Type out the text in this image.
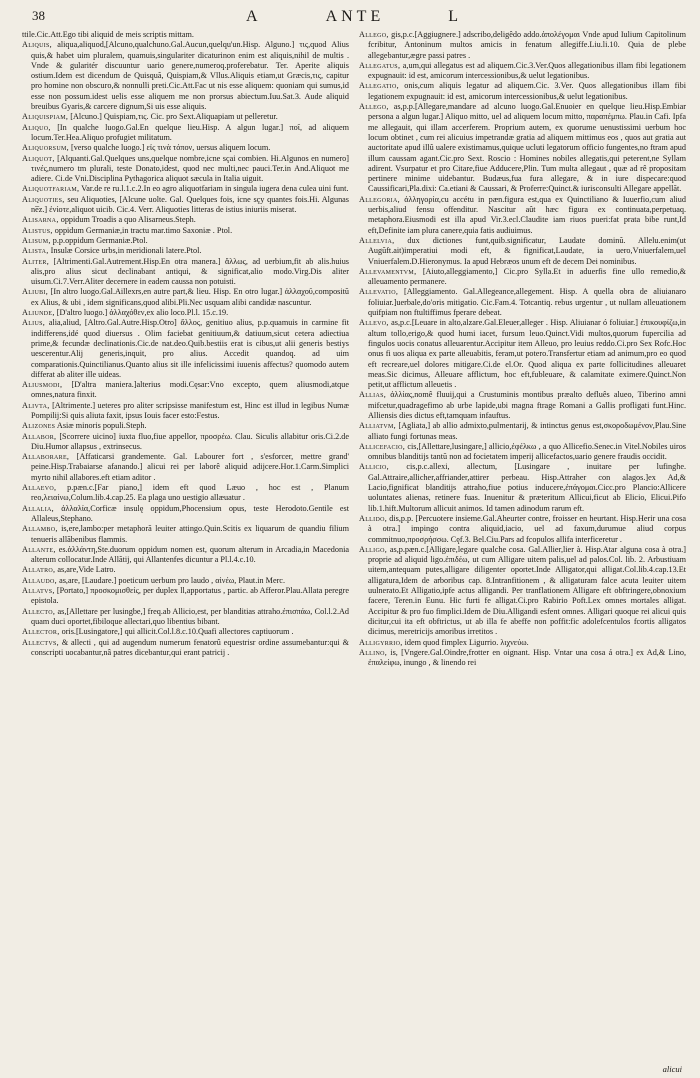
38	A	ANTE	L

ttile.Cic.Att.Ego tibi aliquid de meis scriptis mittam.

Aliquis, aliqua,aliquod,[Alcuno,qualchuno.Gal.Aucun,quelqu'un.Hisp. Alguno.] τις,quod Alius quis,& habet uim pluralem, quamuis,singulariter dicaturinon enim est aliquis,nihil de multis . Vnde & gularitér discuuntur uario genere,numeroq.proferebatur. Ter. Aperite aliquis ostium.Idem est dicendum de Quisquã, Quispiam,& Vllus.Aliquis etiam,ut Græcis,τις, capitur pro homine non obscuro,& nonnulli preti.Cic.Att.Fac ut nis esse aliquem: quoniam qui sumus,id esse non possum.idest uelis esse aliquem me non prorsus abiectum.Iuu.Sat.3. Aude aliquid breuibus Gyaris,& carcere dignum,Si uis esse aliquis.

Aliquispiam, [Alcuno.] Quispiam,τις. Cic. pro Sext.Aliquapiam ut pelleretur.

Aliquo, [In qualche luogo.Gal.En quelque lieu.Hisp. A algun lugar.] ποῖ, ad aliquem locum.Ter.Hea.Aliquo profugiet militatum.

Aliquorsum, [verso qualche luogo.] εἰς τινὰ τόπον, uersus aliquem locum.

Aliquot, [Alquanti.Gal.Quelques uns,quelque nombre,icne sçai combien. Hi.Algunos en numero] τινές,numero tm plurali, teste Donato,idest, quod nec multi,nec pauci.Ter.in And.Aliquot me adiere. Ci.de Vni.Disciplina Pythagorica aliquot sæcula in Italia uiguit.

Aliquotfariam, Var.de re ru.l.1.c.2.In eo agro aliquotfariam in singula iugera dena culea uini funt.

Aliquoties, seu Aliquoties, [Alcune uolte. Gal. Quelques fois, icne sçy quantes fois.Hi. Algunas ne̅z.] ἐνίοτε,aliquot uicib. Cic.4. Verr. Aliquoties litteras de istius iniuriis miserat.

Alisarna, oppidum Troadis a quo Alisarneus.Steph.

Alistus, oppidum Germaniæ,in tractu mar.timo Saxoniæ . Ptol.

Alisum, p.p.oppidum Germaniæ.Ptol.

Alista, Insulæ Corsice urbs,in meridionali latere.Ptol.

Aliter, [Altrimenti.Gal.Autrement.Hisp.En otra manera.] ἄλλως, ad uerbium,fit ab alis.huius alis,pro alius sicut declinabant antiqui, & significat,alio modo.Virg.Dis aliter uisum.Ci.7.Verr.Aliter decernere in eadem caussa non potuisti.

Aliubi, [In altro luogo.Gal.Aillexrs,en autre part,& lieu. Hisp. En otro lugar.] ἀλλαχοῦ,compositũ ex Alius, & ubi , idem significans,quod alibi.Pli.Nec usquam alibi candidæ nascuntur.

Aliunde, [D'altro luogo.] ἀλλαχόθεν,ex alio loco.Pl.l. 15.c.19.

Alius, alia,aliud, [Altro.Gal.Autre.Hisp.Otro] ἄλλος, genitiuo alius, p.p.quamuis in carmine fit indifferens,idé quod diuersus . Olim faciebat genitiuum,& datiuum,sicut cetera adiectiua prime,& fecundæ declinationis.Cic.de nat.deo.Quib.bestiis erat is cibus,ut alii generis bestiys uescerentur.Alij generis,inquit, pro alius. Accedit quandoq. ad uim comparationis.Quinctilianus.Quanto alius sit ille infelicissimi iuuenis affectus? quomodo autem differat ab aliter ille uideas.

Aliusmodi, [D'altra maniera.]alterius modi.Cęsar:Vno excepto, quem aliusmodi,atque omnes,natura finxit.

Alivta, [Altrimente.] ueteres pro aliter scripsisse manifestum est, Hinc est illud in legibus Numæ Pompilij:Si quis aliuta faxit, ipsus Iouis facer esto:Festus.

Alizones Asiæ minoris populi.Steph.

Allabor, [Scorrere uicino] iuxta fluo,fiue appellor, προσρέω. Clau. Siculis allabitur oris.Ci.2.de Diu.Humor allapsus , extrinsecus.

Allaborare, [Affaticarsi grandemente. Gal. Labourer fort , s'esforcer, mettre grand' peine.Hisp.Trabaiarse afanando.] alicui rei per laborê aliquid adijcere.Hor.1.Carm.Simplici myrto nihil allabores.eft etiam aditor .

Allaevo, p.pæn.c.[Far piano,] idem eft quod Læuo , hoc est , Planum reo,λειαίνω,Colum.lib.4.cap.25. Ea plaga uno uestigio allæuatur .

Allalia, ἀλλαλία,Corficæ insulę oppidum,Phocensium opus, teste Herodoto.Gentile est Allaleus,Stephano.

Allambo, is,ere,lambo:per metaphorã leuiter attingo.Quin.Scitis ex liquarum de quandiu filium tenueris allãbenibus flammis.

Allante, es.ἀλλάντη,Ste.duorum oppidum nomen est, quorum alterum in Arcadia,in Macedonia alterum collocatur.Inde Allãtij, qui Allantenfes dicuntur a Pl.l.4.c.10.

Allatro, as,are,Vide Latro.

Allaudo, as,are, [Laudare.] poeticum uerbum pro laudo , αἰνέω, Plaut.in Merc.

Allatvs, [Portato,] προσκομισθείς, per duplex ll,apportatus , partic. ab Afferor.Plau.Allata peregre epistola.

Allecto, as,[Allettare per lusingbe,] freq.ab Allicio,est, per blanditias attraho.ἐπισπάω, Col.l.2.Ad quam duci oportet,fibiloque allectari,quo libentius bibant.

Allector, oris.[Lusingatore,] qui allicit.Col.l.8.c.10.Quafi allectores captiuorum .

Allectvs, & allecti , qui ad augendum numerum fenatorû equestrisr ordine assumebantur:qui & conscripti uocabantur,nâ patres dicebantur,qui erant patricij .

Allego, gis,p.c.[Aggiugnere.] adscribo,deligêdo addo.ἀπολέγομαι Vnde apud Iulium Capitolinum fcribitur, Antoninum multos amicis in fenatum allegiffe.Liu.li.10. Quia de plebe allegebantur,ægre passi patres .

Allegatus, a,um,qui allegatus est ad aliquem.Cic.3.Ver.Quos allegationibus illam fibi legationem expugnauit: id est, amicorum intercessionibus,& uelut legationibus.

Allegatio, onis,cum aliquis legatur ad aliquem.Cic. 3.Ver. Quos allegationibus illam fibi legationem expugnauit: id est, amicorum intercessionibus,& uelut legationibus.

Allego, as,p.p.[Allegare,mandare ad alcuno luogo.Gal.Enuoier en quelque lieu.Hisp.Embiar persona a algun lugar.] Aliquo mitto, uel ad aliquem locum mitto, παραπέμπω. Plau.in Cafi. Ipfa me allegauit, qui illam accerferem. Proprium autem, ex quorume uenustissimi uerbum hoc locum obtinet , cum rei alicuius impetrandæ gratia ad aliquem mittimus eos , quos aut gratia aut auctoritate apud illû ualere existimamus,quique ucluti legatorum officio fungentes,no ftram apud illum caussam agant.Cic.pro Sext. Roscio : Homines nobiles allegatis,qui peterent,ne Syllam adirent. Vsurpatur et pro Citare,fiue Adducere,Plin. Tum multa allegaut , quæ ad rê propositam pertinere minime uidebantur. Budæus,fua fura allegare, & in iure dispecare:quod Caussificari,Pla.dixi: Ca.etiani & Caussari, & Proferre:Quinct.& iurisconsulti Allegare appellăt.

Allegoria, ἀλληγορία,cu accétu in pæn.figura est,qua ex Quinctiliano & Iuuerfio,cum aliud uerbis,aliud fensu offenditur. Nascitur aût hæc figura ex continuata,perpetuaq. metaphora.Eiusmodi est illa apud Vir.3.ecl.Claudite iam riuos pueri:fat prata bibe runt,Id eft,Definite iam plura canere,quia fatis audiuimus.

Allelvia, dux dictiones funt,quib.significatur, Laudate dominũ. Allelu.enim(ut Augũft.ait)imperatiui modi eft, & fignificat,Laudate, ia uero,Vniuerfalem,uel Vniuerfalem.D.Hieronymus. Ia apud Hebræos unum eft de decem Dei nominibus.

Allevamentvm, [Aiuto,alleggiamento,] Cic.pro Sylla.Et in aduerfis fine ullo remedio,& alleuamento permanere.

Allevatio, [Alleggiamento. Gal.Allegeance,allegement. Hisp. A quella obra de aliuianaro foliuiar.]uerbale,do'oris mitigatio. Cic.Fam.4. Totcantiq. rebus urgentur , ut nullam alleuationem quifpiam non ftultiffimus fperare debeat.

Allevo, as,p.c.[Leuare in alto,alzare.Gal.Eleuer,alleger . Hisp. Aliuianar ó foliuiar.] ἐπικουφίζω,in altum tollo,erigo,& quod humi iacet, fursum leuo.Quinct.Vidi multos,quorum fupercilia ad fingulos uocis conatus alleuarentur.Accipitur item Alleuo, pro leuius reddo.Ci.pro Sex Rofc.Hoc onus fi uos aliqua ex parte alleuabitis, feram,ut potero.Transfertur etiam ad animum,pro eo quod eft recreare,uel dolores mitigare.Ci.de el.Or. Quod aliqua ex parte follicitudines alleuaret meas.Sic dicimus, Alleuare afflictum, hoc eft,fubleuare, & calamitate eximere.Quinct.Non petit,ut afflictum alleuetis .

Allias, ἀλλίας,nomê fluuij,qui a Crustuminis montibus præalto defluês alueo, Tiberino amni mifcetur,quadragefimo ab urbe lapide,ubi magna ftrage Romani a Gallis profligati funt.Hinc. Alliensis dies dictus eft,tamquam infauftus.

Alliatvm, [Agliata,] ab allio admixto,pulmentarij, & intinctus genus est,σκοροδωμένον,Plau.Sine alliato fungi fortunas meas.

Allicefacio, cis,[Allettare,lusingare,] allicio,ἐφέλκω , a quo Allicefio.Senec.in Vitel.Nobiles uiros omnibus blanditijs tantũ non ad focietatem imperij allicefactos,uario genere fraudis occidit.

Allicio, cis,p.c.allexi, allectum, [Lusingare , inuitare per lufinghe. Gal.Attraire,allicher,affriander,attirer perbeau. Hisp.Attraher con alagos.]ex Ad,& Lacio,fignificat blanditijs attraho,fiue potius inducere,ἐπάγομαι.Cicc.pro Plancio:Allicere uoluntates alienas, retinere fuas. Inuenitur & præteritum Allicui,ficut ab Elicio, Elicui.Pifo lib.1.hift.Multorum allicuit animos. Id tamen adinodum rarum eft.

Allido, dis,p.p. [Percuotere insieme.Gal.Aheurter contre, froisser en heurtant. Hisp.Herir una cosa à otra.] impingo contra aliquid,iacio, uel ad faxum,durumue aliud corpus commitnuo,προσρήσσω. Cęf.3. Bel.Ciu.Pars ad fcopulos allifa interficeretur .

Alligo, as,p.pæn.c.[Alligare,legare qualche cosa. Gal.Allier,lier à. Hisp.Atar alguna cosa à otra.] proprie ad aliquid ligo.ἐπιδέω, ut cum Alligare uitem palis,uel ad palos.Col. lib. 2. Arbustiuam uitem,antequam putes,alligare diligenter oportet.Inde Alligator,qui alligat.Col.lib.4.cap.13.Et alligatura,Idem de arboribus cap. 8.Intranfitionem , & alligaturam falce acuta leuiter uitem uulnerato.Et Alligatio,ipfe actus alligandi. Per tranflationem Alligare eft obftringere,obnoxium facere, Teren.in Eunu. Hic furti fe alligat.Ci.pro Rabirio Poft.Lex omnes mortales alligat. Accipitur & pro fuo fimplici.Idem de Diu.Alligandi esfent omnes. Alligari quoque rei alicui quis dicitur,cui ita eft obftrictus, ut ab illa fe abeffe non poffit:fic adolefcentulos fcortis alligatos dicimus, meretricijs amoribus irretitos .

Alligyrrio, idem quod fimplex Ligurrio. λιχνεύω.

Allino, is, [Vngere.Gal.Oindre,frotter en oignant. Hisp. Vntar una cosa á otra.] ex Ad,& Lino, ἐπαλείφω, inungo , & linendo rei

alicui
